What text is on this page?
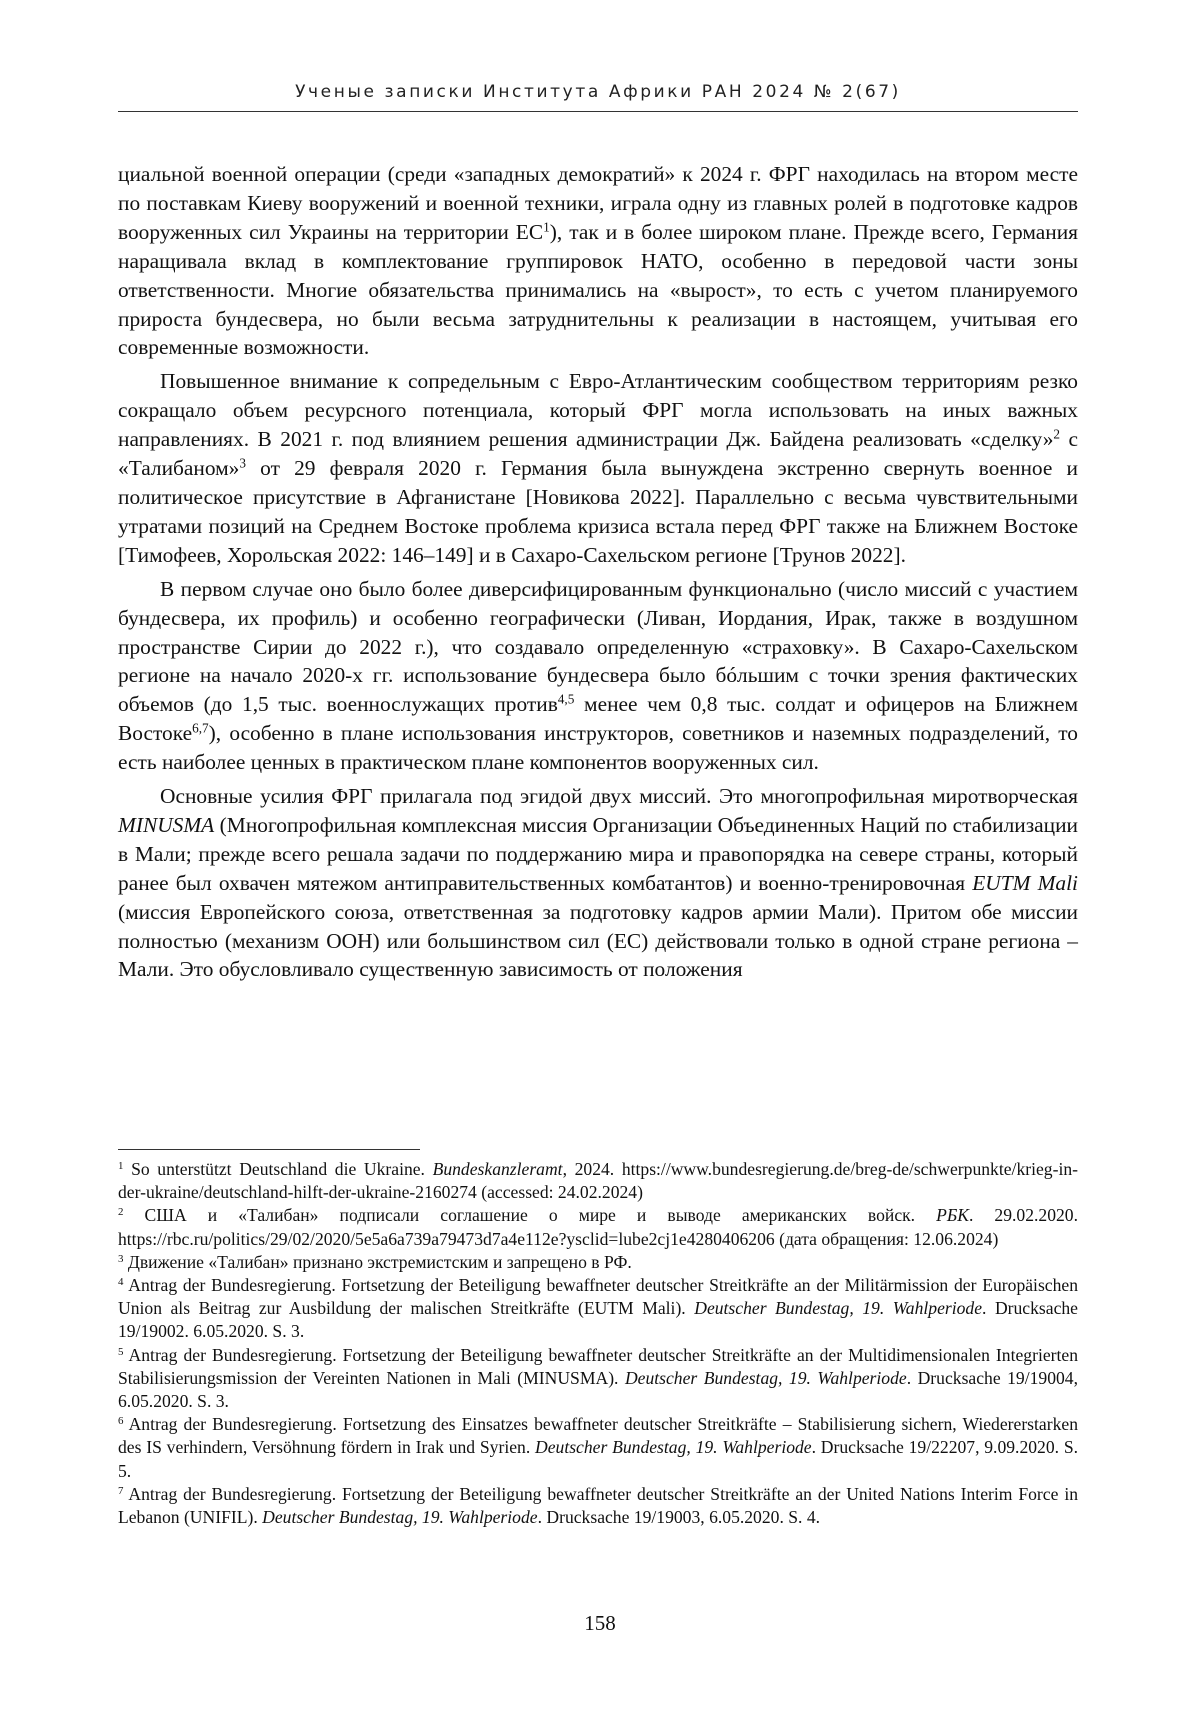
Ученые записки Института Африки РАН 2024 № 2(67)

циальной военной операции (среди «западных демократий» к 2024 г. ФРГ находилась на втором месте по поставкам Киеву вооружений и военной техники, играла одну из главных ролей в подготовке кадров вооруженных сил Украины на территории $ЕС^1$), так и в более широком плане. Прежде всего, Германия наращивала вклад в комплектование группировок НАТО, особенно в передовой части зоны ответственности. Многие обязательства принимались на «вырост», то есть с учетом планируемого прироста бундесвера, но были весьма затруднительны к реализации в настоящем, учитывая его современные возможности.

Повышенное внимание к сопредельным с Евро-Атлантическим сообществом территориям резко сокращало объем ресурсного потенциала, который ФРГ могла использовать на иных важных направлениях. В 2021 г. под влиянием решения администрации Дж. Байдена реализовать «сделку»$^2$ с «Талибаном»$^3$ от 29 февраля 2020 г. Германия была вынуждена экстренно свернуть военное и политическое присутствие в Афганистане [Новикова 2022]. Параллельно с весьма чувствительными утратами позиций на Среднем Востоке проблема кризиса встала перед ФРГ также на Ближнем Востоке [Тимофеев, Хорольская 2022: 146–149] и в Сахаро-Сахельском регионе [Трунов 2022].

В первом случае оно было более диверсифицированным функционально (число миссий с участием бундесвера, их профиль) и особенно географически (Ливан, Иордания, Ирак, также в воздушном пространстве Сирии до 2022 г.), что создавало определенную «страховку». В Сахаро-Сахельском регионе на начало 2020-х гг. использование бундесвера было бóльшим с точки зрения фактических объемов (до 1,5 тыс. военнослужащих против$^{4,5}$ менее чем 0,8 тыс. солдат и офицеров на Ближнем Востоке$^{6,7}$), особенно в плане использования инструкторов, советников и наземных подразделений, то есть наиболее ценных в практическом плане компонентов вооруженных сил.

Основные усилия ФРГ прилагала под эгидой двух миссий. Это многопрофильная миротворческая MINUSMA (Многопрофильная комплексная миссия Организации Объединенных Наций по стабилизации в Мали; прежде всего решала задачи по поддержанию мира и правопорядка на севере страны, который ранее был охвачен мятежом антиправительственных комбатантов) и военно-тренировочная EUTM Mali (миссия Европейского союза, ответственная за подготовку кадров армии Мали). Притом обе миссии полностью (механизм ООН) или большинством сил (ЕС) действовали только в одной стране региона – Мали. Это обусловливало существенную зависимость от положения

$^1$ So unterstützt Deutschland die Ukraine. Bundeskanzleramt, 2024. https://www.bundesregierung.de/breg-de/schwerpunkte/krieg-in-der-ukraine/deutschland-hilft-der-ukraine-2160274 (accessed: 24.02.2024)

$^2$ США и «Талибан» подписали соглашение о мире и выводе американских войск. РБК. 29.02.2020. https://rbc.ru/politics/29/02/2020/5e5a6a739a79473d7a4e112e?ysclid=lube2cj1e4280406206 (дата обращения: 12.06.2024)

$^3$ Движение «Талибан» признано экстремистским и запрещено в РФ.

$^4$ Antrag der Bundesregierung. Fortsetzung der Beteiligung bewaffneter deutscher Streitkräfte an der Militärmission der Europäischen Union als Beitrag zur Ausbildung der malischen Streitkräfte (EUTM Mali). Deutscher Bundestag, 19. Wahlperiode. Drucksache 19/19002. 6.05.2020. S. 3.

$^5$ Antrag der Bundesregierung. Fortsetzung der Beteiligung bewaffneter deutscher Streitkräfte an der Multidimensionalen Integrierten Stabilisierungsmission der Vereinten Nationen in Mali (MINUSMA). Deutscher Bundestag, 19. Wahlperiode. Drucksache 19/19004, 6.05.2020. S. 3.

$^6$ Antrag der Bundesregierung. Fortsetzung des Einsatzes bewaffneter deutscher Streitkräfte – Stabilisierung sichern, Wiedererstarken des IS verhindern, Versöhnung fördern in Irak und Syrien. Deutscher Bundestag, 19. Wahlperiode. Drucksache 19/22207, 9.09.2020. S. 5.

$^7$ Antrag der Bundesregierung. Fortsetzung der Beteiligung bewaffneter deutscher Streitkräfte an der United Nations Interim Force in Lebanon (UNIFIL). Deutscher Bundestag, 19. Wahlperiode. Drucksache 19/19003, 6.05.2020. S. 4.

158
